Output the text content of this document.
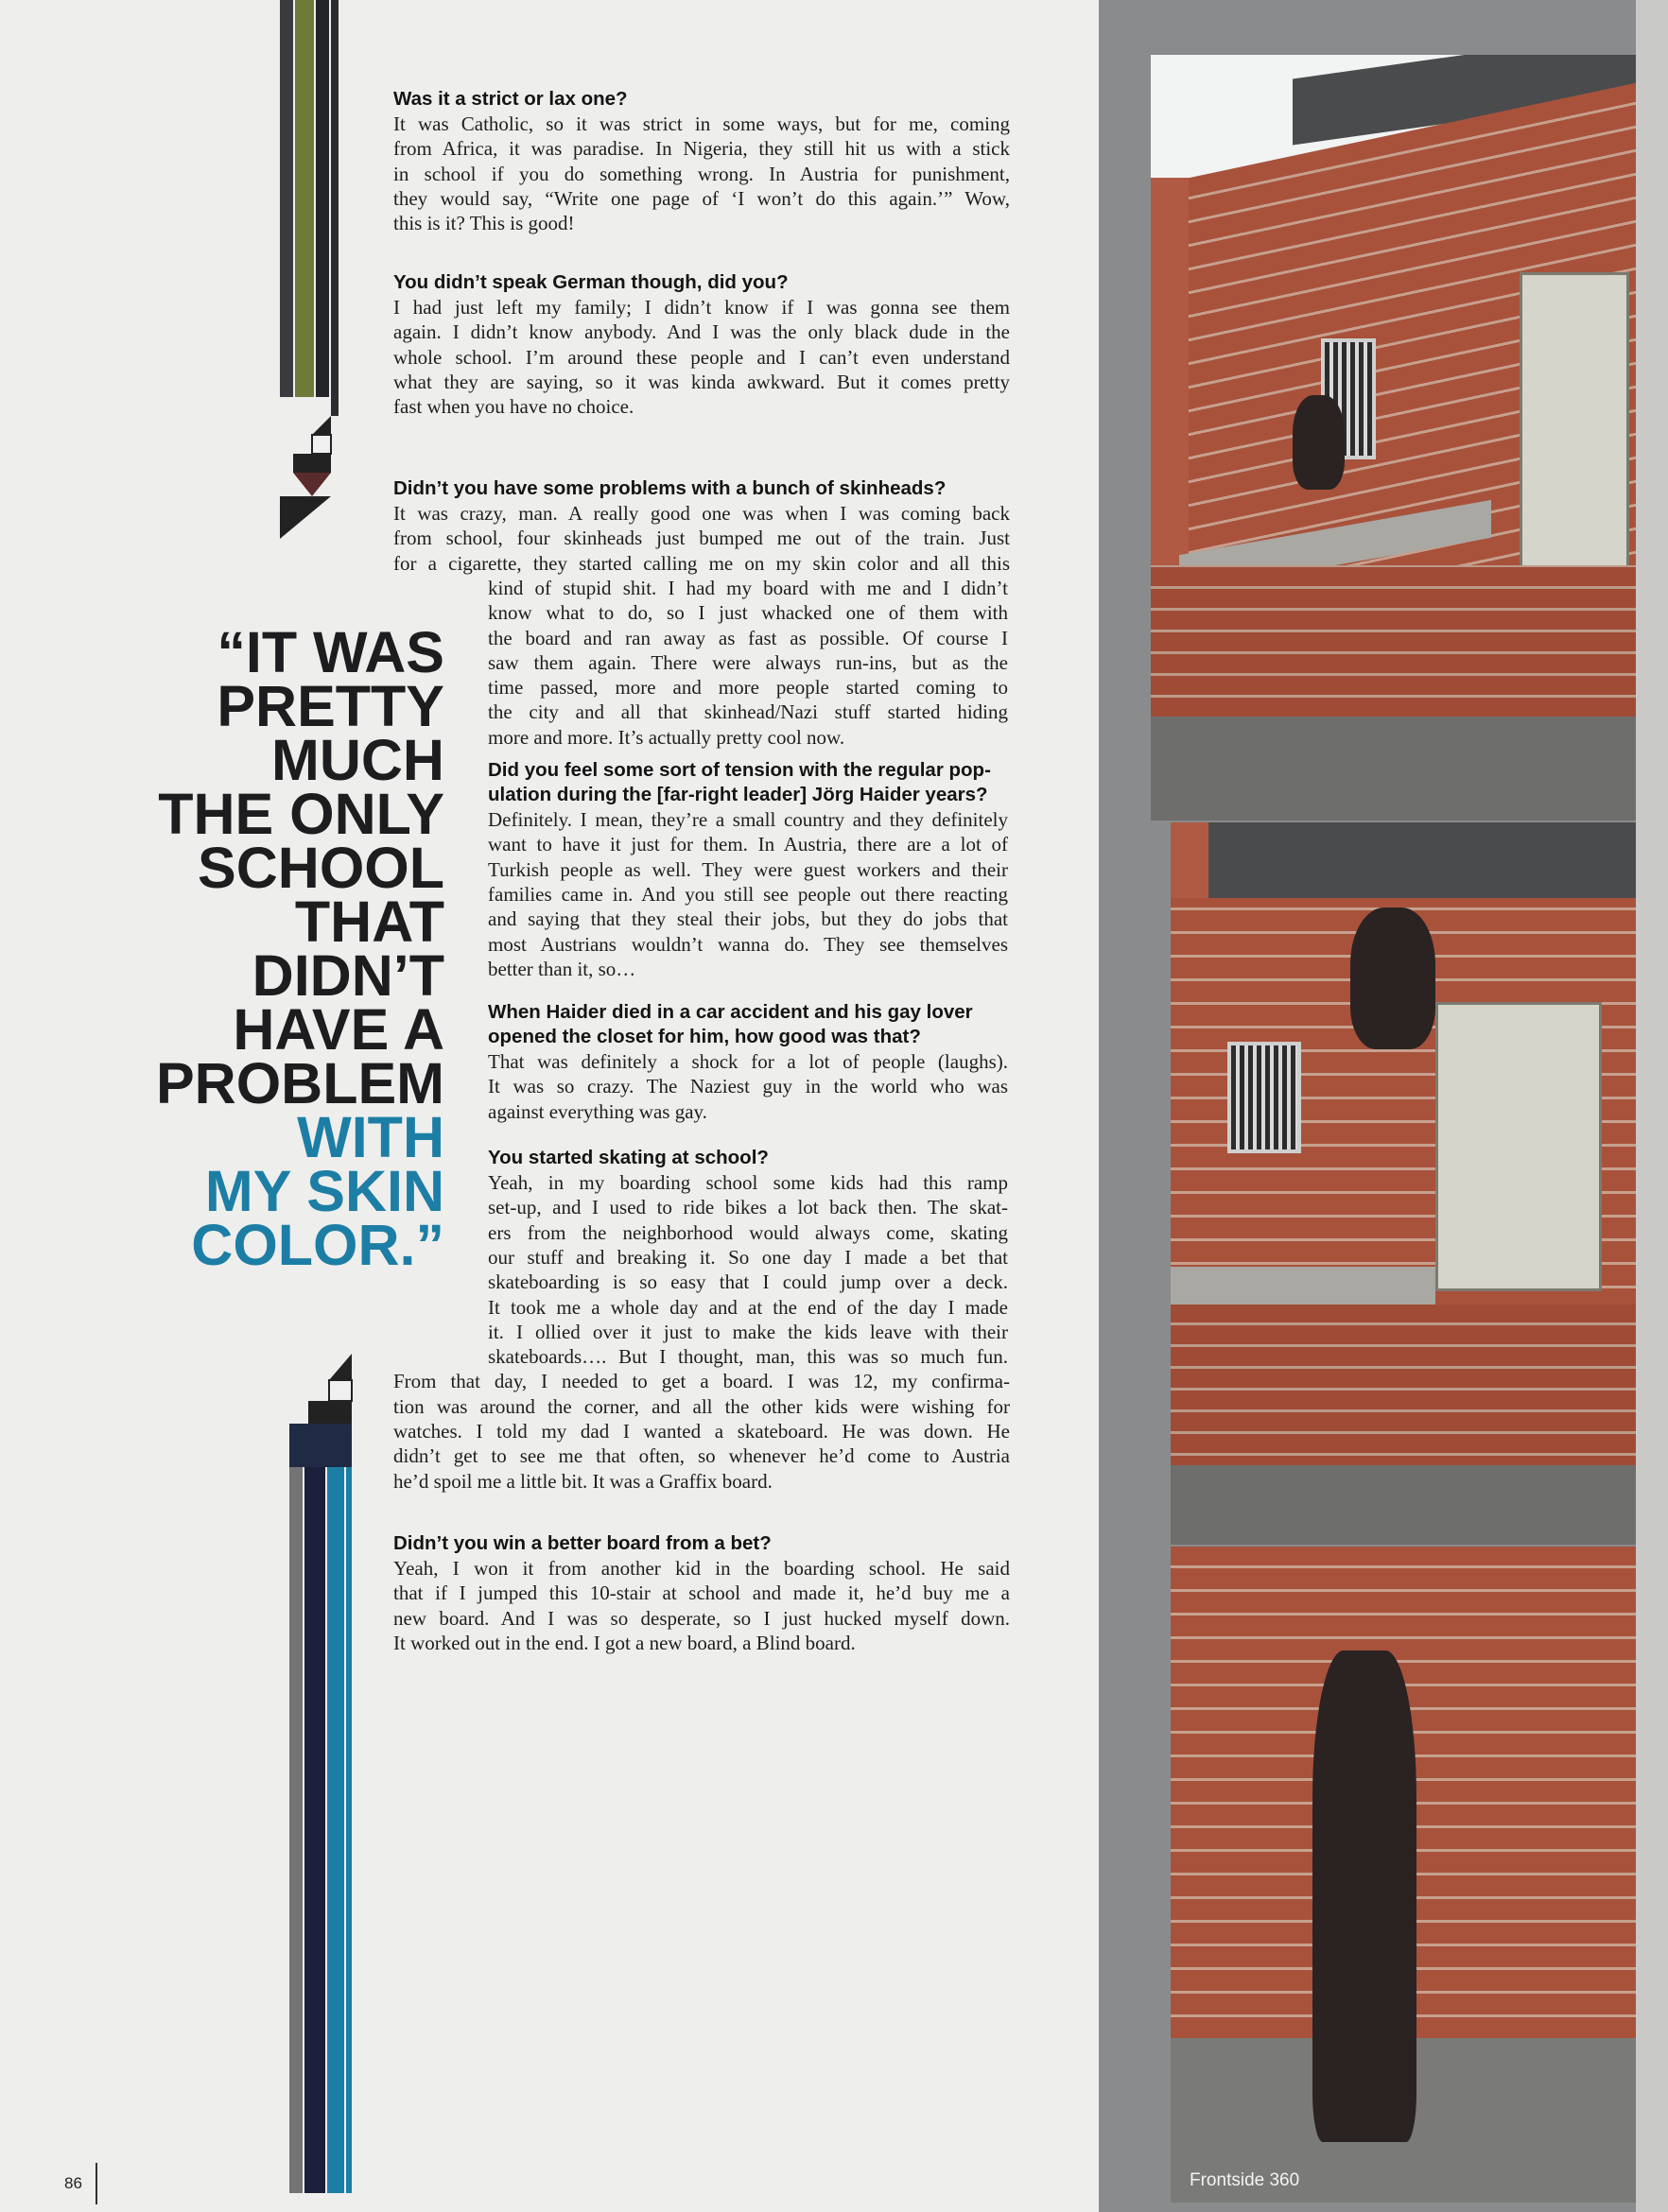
“IT WAS
PRETTY
MUCH
THE ONLY
SCHOOL
THAT
DIDN’T
HAVE A
PROBLEM
WITH
MY SKIN
COLOR.”
Was it a strict or lax one?
It was Catholic, so it was strict in some ways, but for me, coming
from Africa, it was paradise. In Nigeria, they still hit us with a stick
in school if you do something wrong. In Austria for punishment,
they would say, “Write one page of ‘I won’t do this again.’” Wow,
this is it? This is good!
You didn’t speak German though, did you?
I had just left my family; I didn’t know if I was gonna see them
again. I didn’t know anybody. And I was the only black dude in the
whole school. I’m around these people and I can’t even understand
what they are saying, so it was kinda awkward. But it comes pretty
fast when you have no choice.
Didn’t you have some problems with a bunch of skinheads?
It was crazy, man. A really good one was when I was coming back
from school, four skinheads just bumped me out of the train. Just
for a cigarette, they started calling me on my skin color and all this
kind of stupid shit. I had my board with me and I didn’t
know what to do, so I just whacked one of them with
the board and ran away as fast as possible. Of course I
saw them again. There were always run-ins, but as the
time passed, more and more people started coming to
the city and all that skinhead/Nazi stuff started hiding
more and more. It’s actually pretty cool now.
Did you feel some sort of tension with the regular pop-
ulation during the [far-right leader] Jörg Haider years?
Definitely. I mean, they’re a small country and they definitely
want to have it just for them. In Austria, there are a lot of
Turkish people as well. They were guest workers and their
families came in. And you still see people out there reacting
and saying that they steal their jobs, but they do jobs that
most Austrians wouldn’t wanna do. They see themselves
better than it, so…
When Haider died in a car accident and his gay lover
opened the closet for him, how good was that?
That was definitely a shock for a lot of people (laughs).
It was so crazy. The Naziest guy in the world who was
against everything was gay.
You started skating at school?
Yeah, in my boarding school some kids had this ramp
set-up, and I used to ride bikes a lot back then. The skat-
ers from the neighborhood would always come, skating
our stuff and breaking it. So one day I made a bet that
skateboarding is so easy that I could jump over a deck.
It took me a whole day and at the end of the day I made
it. I ollied over it just to make the kids leave with their
skateboards…. But I thought, man, this was so much fun.
From that day, I needed to get a board. I was 12, my confirma-
tion was around the corner, and all the other kids were wishing for
watches. I told my dad I wanted a skateboard. He was down. He
didn’t get to see me that often, so whenever he’d come to Austria
he’d spoil me a little bit. It was a Graffix board.
Didn’t you win a better board from a bet?
Yeah, I won it from another kid in the boarding school. He said
that if I jumped this 10-stair at school and made it, he’d buy me a
new board. And I was so desperate, so I just hucked myself down.
It worked out in the end. I got a new board, a Blind board.
Frontside 360
86
